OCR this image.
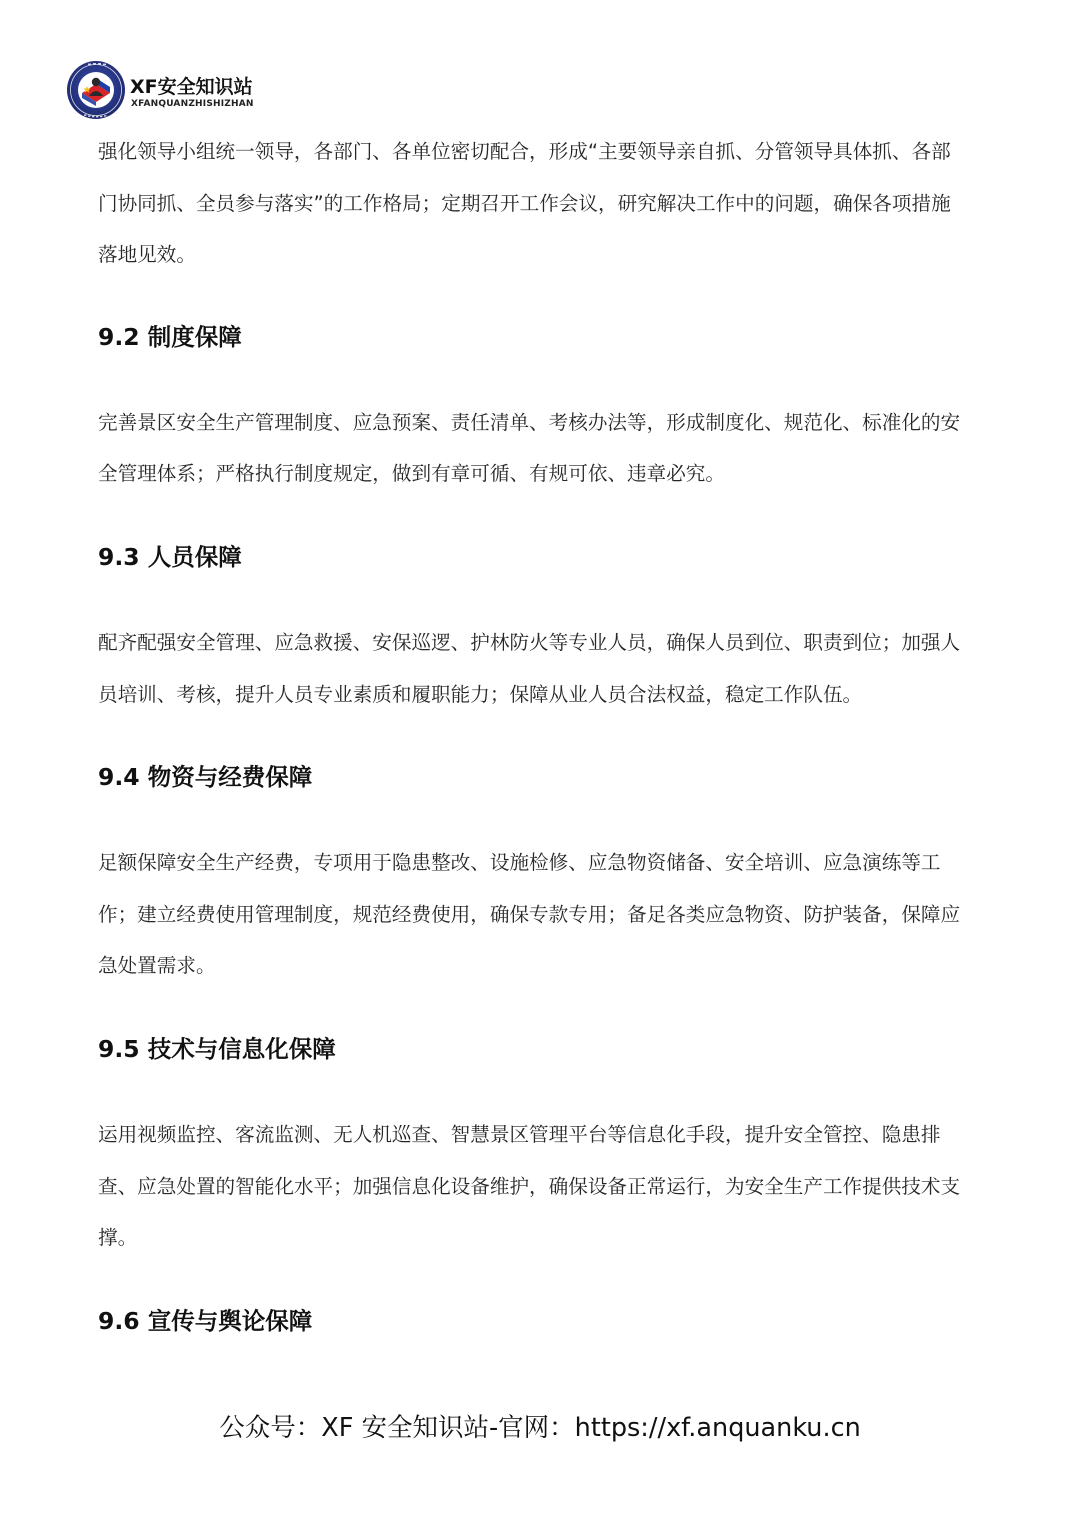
XF安全知识站
XFANQUANZHISHIZHAN

强化领导小组统一领导，各部门、各单位密切配合，形成“主要领导亲自抓、分管领导具体抓、各部

门协同抓、全员参与落实”的工作格局；定期召开工作会议，研究解决工作中的问题，确保各项措施

落地见效。

9.2 制度保障

完善景区安全生产管理制度、应急预案、责任清单、考核办法等，形成制度化、规范化、标准化的安

全管理体系；严格执行制度规定，做到有章可循、有规可依、违章必究。

9.3 人员保障

配齐配强安全管理、应急救援、安保巡逻、护林防火等专业人员，确保人员到位、职责到位；加强人

员培训、考核，提升人员专业素质和履职能力；保障从业人员合法权益，稳定工作队伍。

9.4 物资与经费保障

足额保障安全生产经费，专项用于隐患整改、设施检修、应急物资储备、安全培训、应急演练等工

作；建立经费使用管理制度，规范经费使用，确保专款专用；备足各类应急物资、防护装备，保障应

急处置需求。

9.5 技术与信息化保障

运用视频监控、客流监测、无人机巡查、智慧景区管理平台等信息化手段，提升安全管控、隐患排

查、应急处置的智能化水平；加强信息化设备维护，确保设备正常运行，为安全生产工作提供技术支

撑。

9.6 宣传与舆论保障
公众号：XF 安全知识站-官网：https://xf.anquanku.cn
